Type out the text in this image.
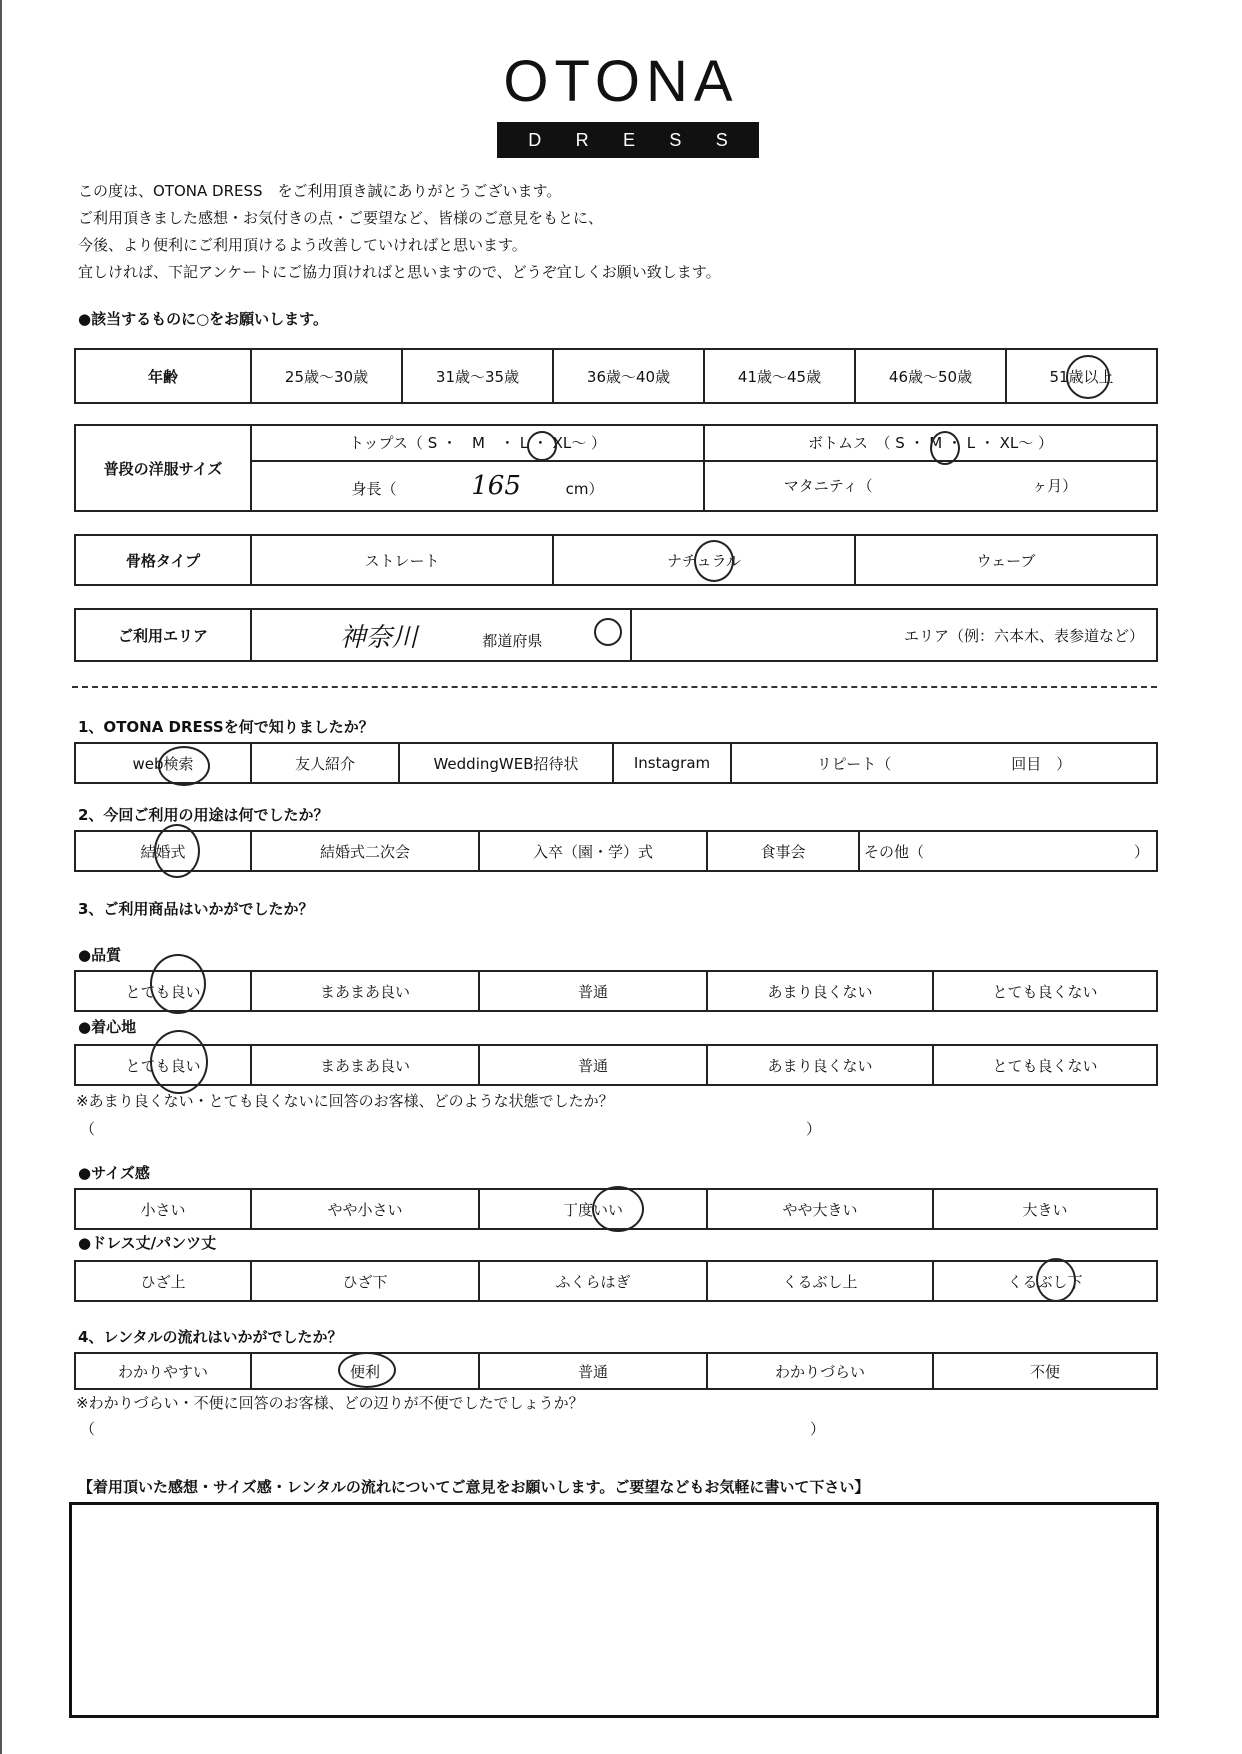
OTONA
D R E S S
この度は、OTONA DRESS　をご利用頂き誠にありがとうございます。
ご利用頂きました感想・お気付きの点・ご要望など、皆様のご意見をもとに、
今後、より便利にご利用頂けるよう改善していければと思います。
宜しければ、下記アンケートにご協力頂ければと思いますので、どうぞ宜しくお願い致します。
●該当するものに○をお願いします。
年齢	25歳〜30歳	31歳〜35歳	36歳〜40歳	41歳〜45歳	46歳〜50歳	51歳以上
普段の洋服サイズ	トップス（ S ・　M　・ L ・ XL〜 ）	ボトムス　（ S ・ M ・ L ・ XL〜 ）
	身長（ 165 cm）	マタニティ（ ヶ月）
骨格タイプ	ストレート	ナチュラル	ウェーブ
ご利用エリア	神奈川	都道府県	エリア（例：六本木、表参道など）
1、OTONA DRESSを何で知りましたか？
web検索	友人紹介	WeddingWEB招待状	Instagram	リピート（　　　　　　　　回目　）
2、今回ご利用の用途は何でしたか？
結婚式	結婚式二次会	入卒（園・学）式	食事会	その他（　　　　　　　　　　　　　　）
3、ご利用商品はいかがでしたか？
●品質
とても良い	まあまあ良い	普通	あまり良くない	とても良くない
●着心地
とても良い	まあまあ良い	普通	あまり良くない	とても良くない
※あまり良くない・とても良くないに回答のお客様、どのような状態でしたか？
（	）
●サイズ感
小さい	やや小さい	丁度いい	やや大きい	大きい
●ドレス丈/パンツ丈
ひざ上	ひざ下	ふくらはぎ	くるぶし上	くるぶし下
4、レンタルの流れはいかがでしたか？
わかりやすい	便利	普通	わかりづらい	不便
※わかりづらい・不便に回答のお客様、どの辺りが不便でしたでしょうか？
（	）
【着用頂いた感想・サイズ感・レンタルの流れについてご意見をお願いします。ご要望などもお気軽に書いて下さい】
